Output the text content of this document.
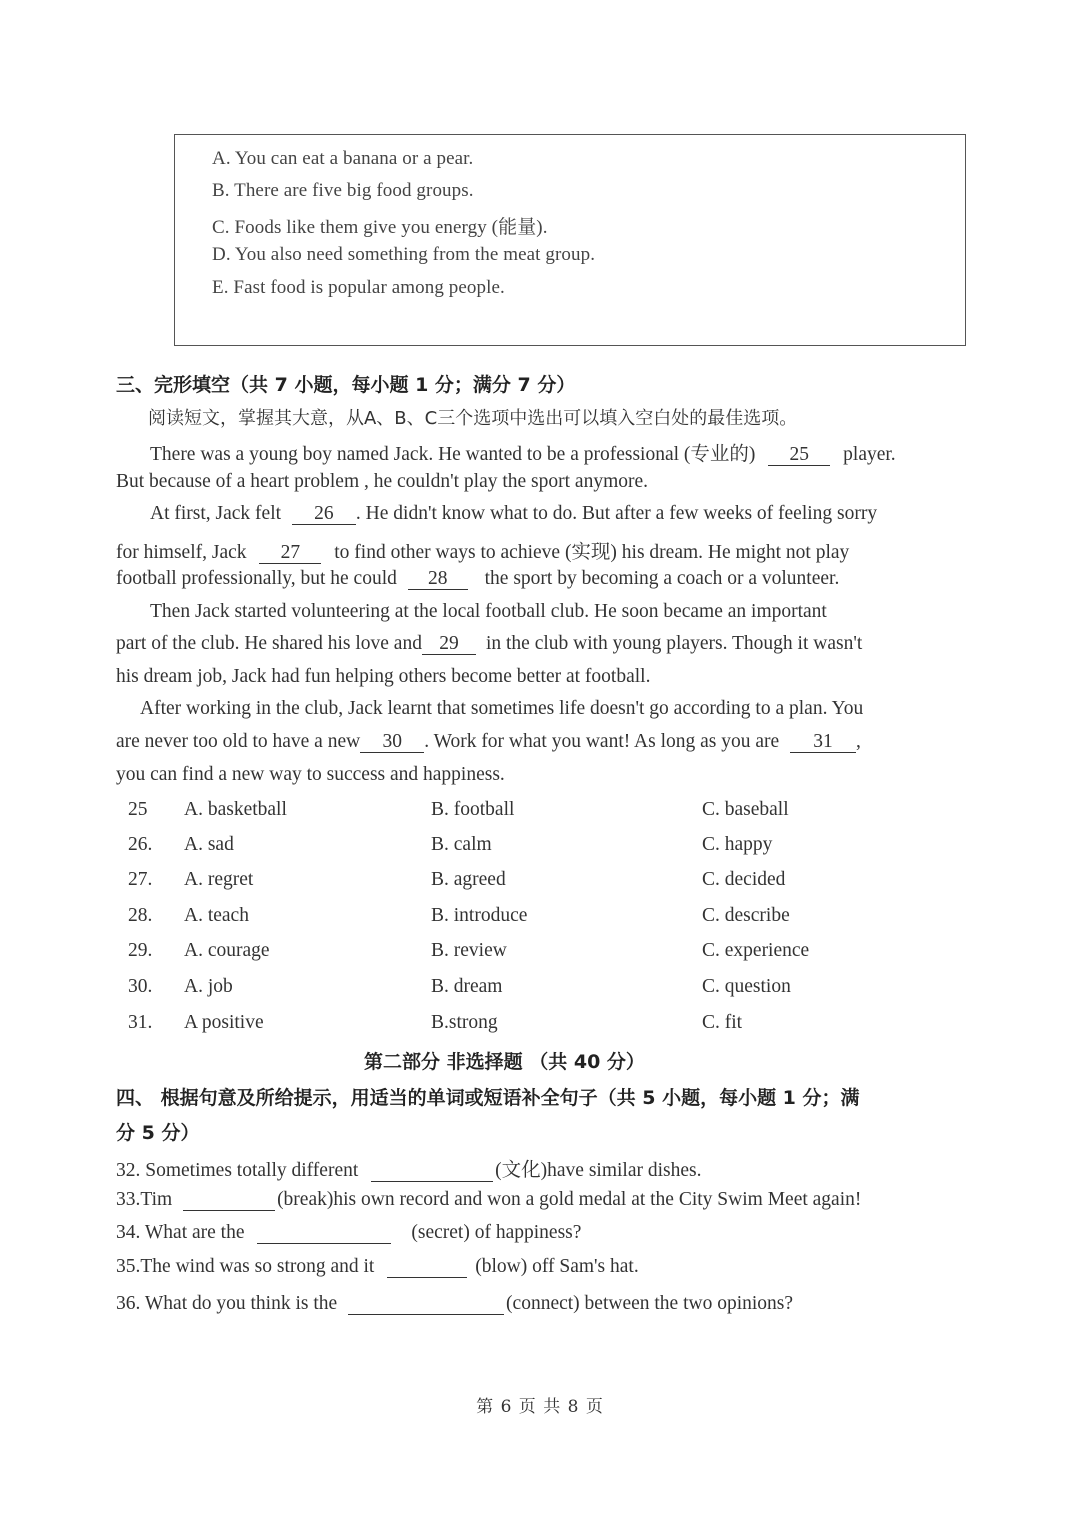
A. You can eat a banana or a pear.
B. There are five big food groups.
C. Foods like them give you energy (能量).
D. You also need something from the meat group.
E. Fast food is popular among people.
三、完形填空（共 7 小题，每小题 1 分；满分 7 分）
阅读短文，掌握其大意，从A、B、C三个选项中选出可以填入空白处的最佳选项。
There was a young boy named Jack. He wanted to be a professional (专业的) 25 player.
But because of a heart problem , he couldn't play the sport anymore.
At first, Jack felt 26 . He didn't know what to do. But after a few weeks of feeling sorry
for himself, Jack 27 to find other ways to achieve (实现) his dream. He might not play
football professionally, but he could 28 the sport by becoming a coach or a volunteer.
Then Jack started volunteering at the local football club. He soon became an important
part of the club. He shared his love and 29 in the club with young players. Though it wasn't
his dream job, Jack had fun helping others become better at football.
After working in the club, Jack learnt that sometimes life doesn't go according to a plan. You
are never too old to have a new 30 . Work for what you want! As long as you are 31 ,
you can find a new way to success and happiness.
25 A. basketball	B. football	C. baseball
26. A. sad	B. calm	C. happy
27. A. regret	B. agreed	C. decided
28. A. teach	B. introduce	C. describe
29. A. courage	B. review	C. experience
30. A. job	B. dream	C. question
31. A positive	B.strong	C. fit
第二部分 非选择题 （共 40 分）
四、 根据句意及所给提示，用适当的单词或短语补全句子（共 5 小题，每小题 1 分；满
分 5 分）
32. Sometimes totally different	(文化)have similar dishes.
33.Tim	(break)his own record and won a gold medal at the City Swim Meet again!
34. What are the	(secret) of happiness?
35.The wind was so strong and it	(blow) off Sam's hat.
36. What do you think is the	(connect) between the two opinions?
第 6 页 共 8 页
